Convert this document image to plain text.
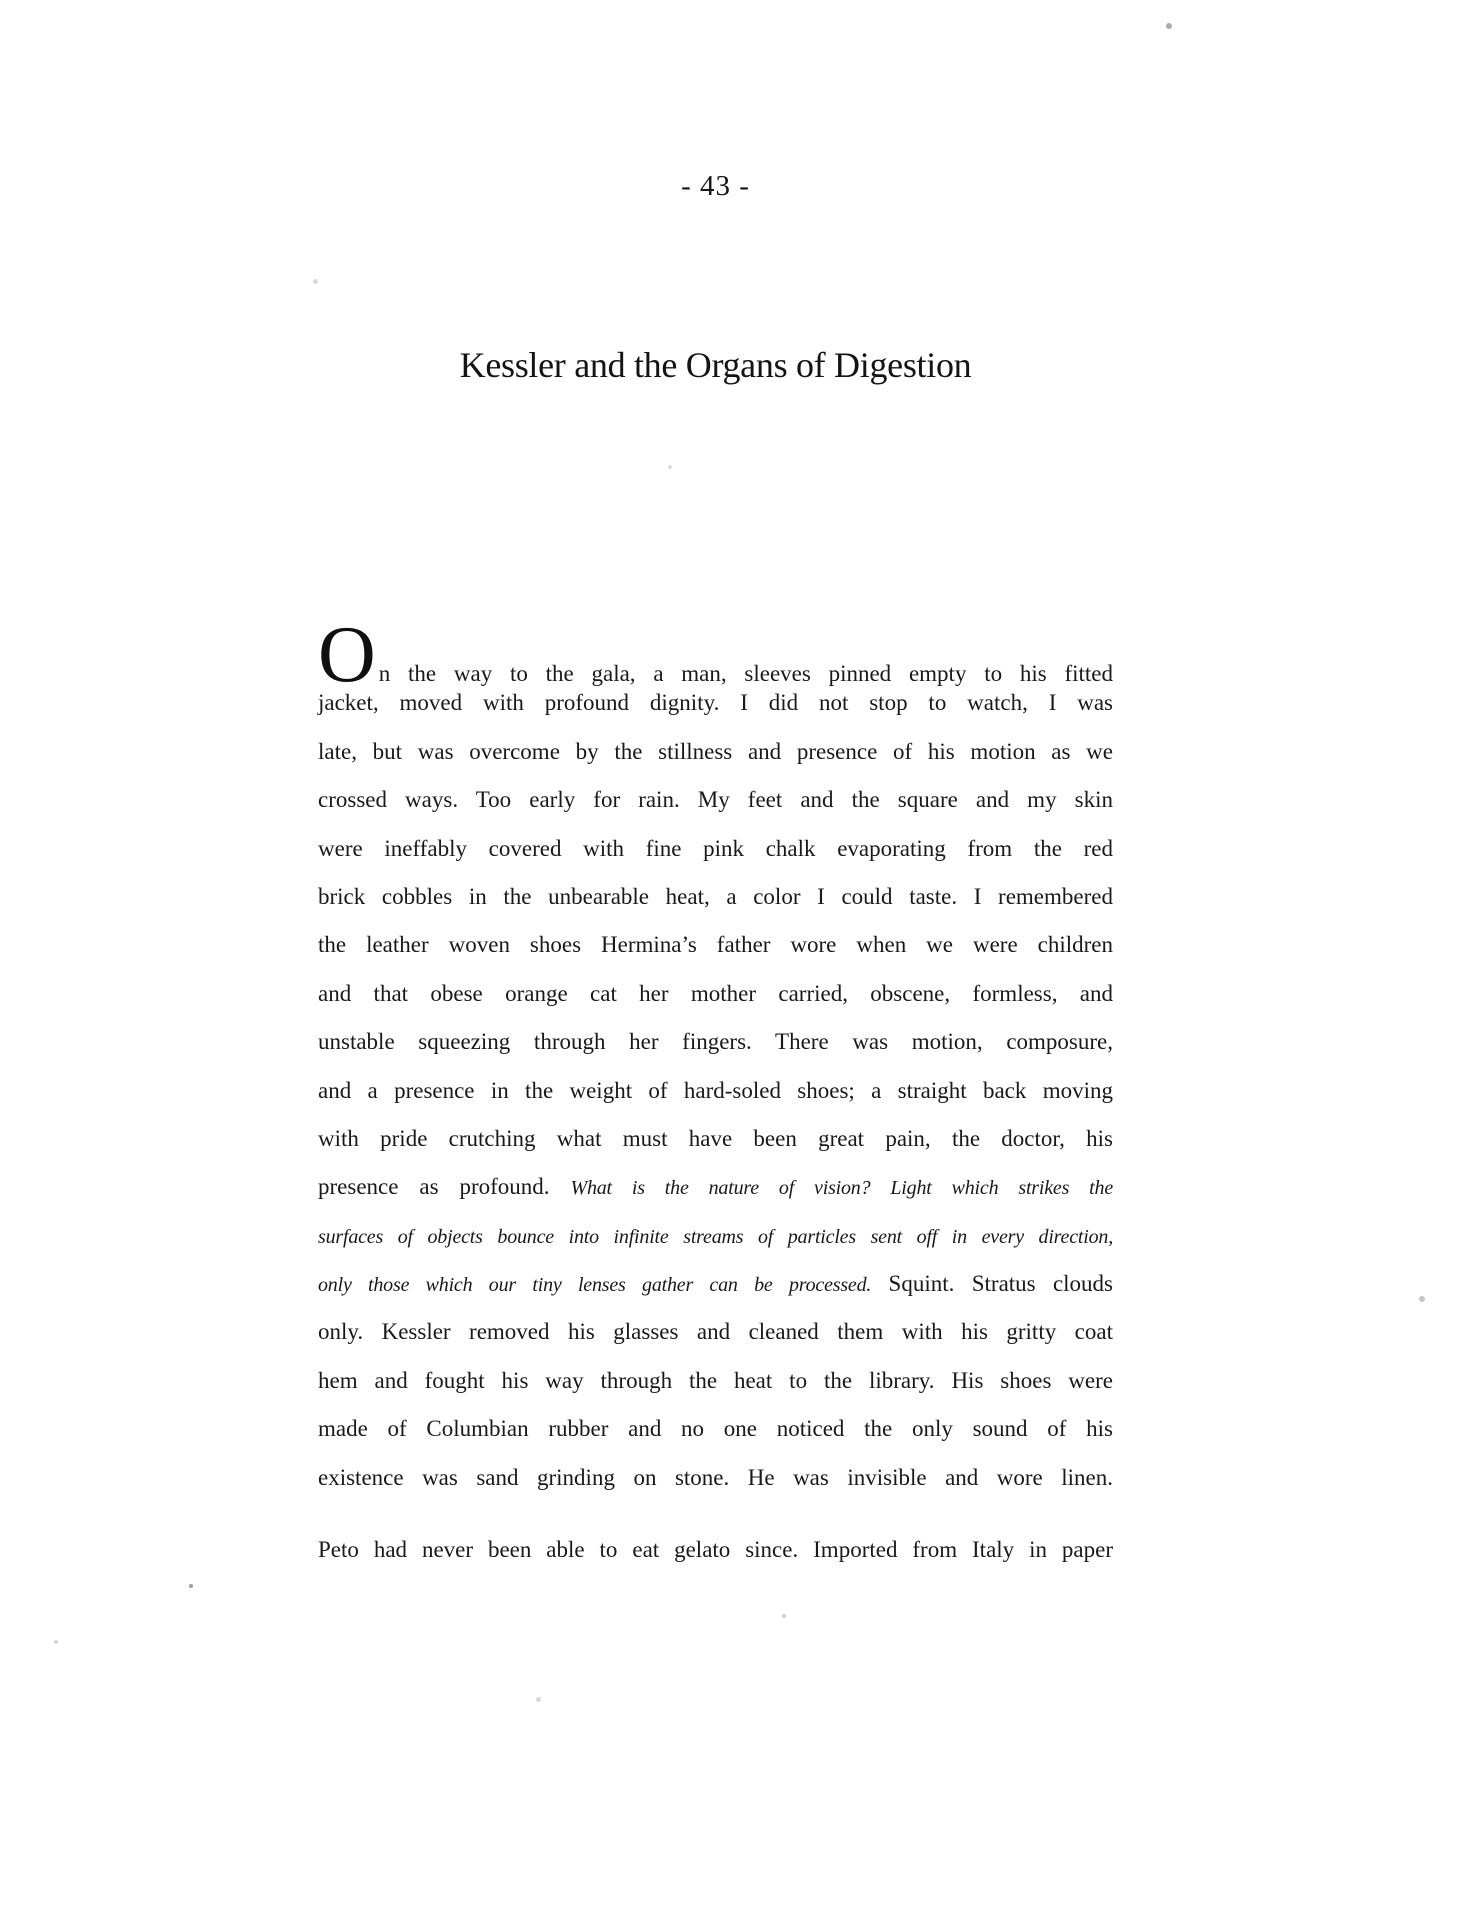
- 43 -
Kessler and the Organs of Digestion
On the way to the gala, a man, sleeves pinned empty to his fitted
jacket, moved with profound dignity. I did not stop to watch, I was
late, but was overcome by the stillness and presence of his motion as we
crossed ways. Too early for rain. My feet and the square and my skin
were ineffably covered with fine pink chalk evaporating from the red
brick cobbles in the unbearable heat, a color I could taste. I remembered
the leather woven shoes Hermina’s father wore when we were children
and that obese orange cat her mother carried, obscene, formless, and
unstable squeezing through her fingers. There was motion, composure,
and a presence in the weight of hard-soled shoes; a straight back moving
with pride crutching what must have been great pain, the doctor, his
presence as profound. What is the nature of vision? Light which strikes the
surfaces of objects bounce into infinite streams of particles sent off in every direction,
only those which our tiny lenses gather can be processed. Squint. Stratus clouds
only. Kessler removed his glasses and cleaned them with his gritty coat
hem and fought his way through the heat to the library. His shoes were
made of Columbian rubber and no one noticed the only sound of his
existence was sand grinding on stone. He was invisible and wore linen.
Peto had never been able to eat gelato since. Imported from Italy in paper
